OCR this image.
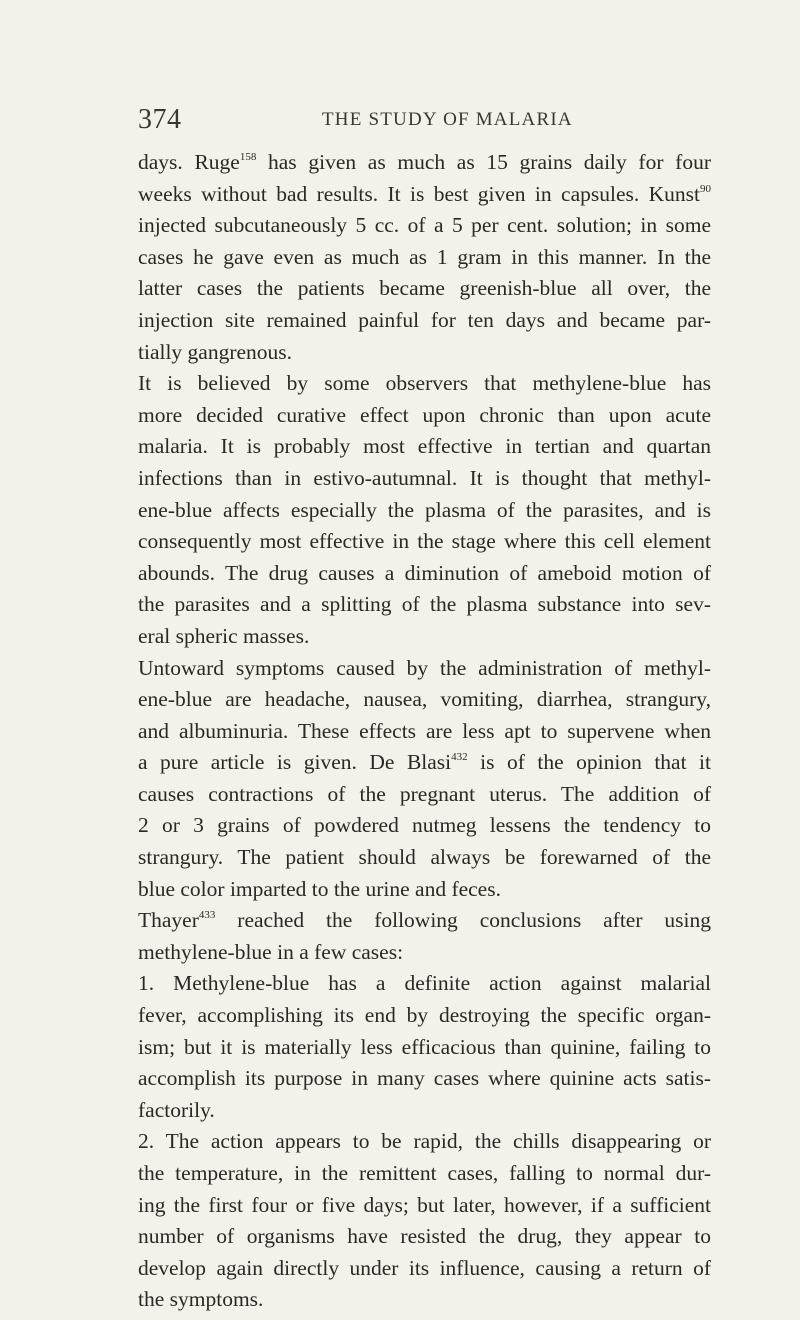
374	THE STUDY OF MALARIA
days. Ruge$^{158}$ has given as much as 15 grains daily for four
weeks without bad results. It is best given in capsules. Kunst$^{90}$
injected subcutaneously 5 cc. of a 5 per cent. solution; in some
cases he gave even as much as 1 gram in this manner. In the
latter cases the patients became greenish-blue all over, the
injection site remained painful for ten days and became par-
tially gangrenous.
It is believed by some observers that methylene-blue has
more decided curative effect upon chronic than upon acute
malaria. It is probably most effective in tertian and quartan
infections than in estivo-autumnal. It is thought that methyl-
ene-blue affects especially the plasma of the parasites, and is
consequently most effective in the stage where this cell element
abounds. The drug causes a diminution of ameboid motion of
the parasites and a splitting of the plasma substance into sev-
eral spheric masses.
Untoward symptoms caused by the administration of methyl-
ene-blue are headache, nausea, vomiting, diarrhea, strangury,
and albuminuria. These effects are less apt to supervene when
a pure article is given. De Blasi$^{432}$ is of the opinion that it
causes contractions of the pregnant uterus. The addition of
2 or 3 grains of powdered nutmeg lessens the tendency to
strangury. The patient should always be forewarned of the
blue color imparted to the urine and feces.
Thayer$^{433}$ reached the following conclusions after using
methylene-blue in a few cases:
1. Methylene-blue has a definite action against malarial
fever, accomplishing its end by destroying the specific organ-
ism; but it is materially less efficacious than quinine, failing to
accomplish its purpose in many cases where quinine acts satis-
factorily.
2. The action appears to be rapid, the chills disappearing or
the temperature, in the remittent cases, falling to normal dur-
ing the first four or five days; but later, however, if a sufficient
number of organisms have resisted the drug, they appear to
develop again directly under its influence, causing a return of
the symptoms.
